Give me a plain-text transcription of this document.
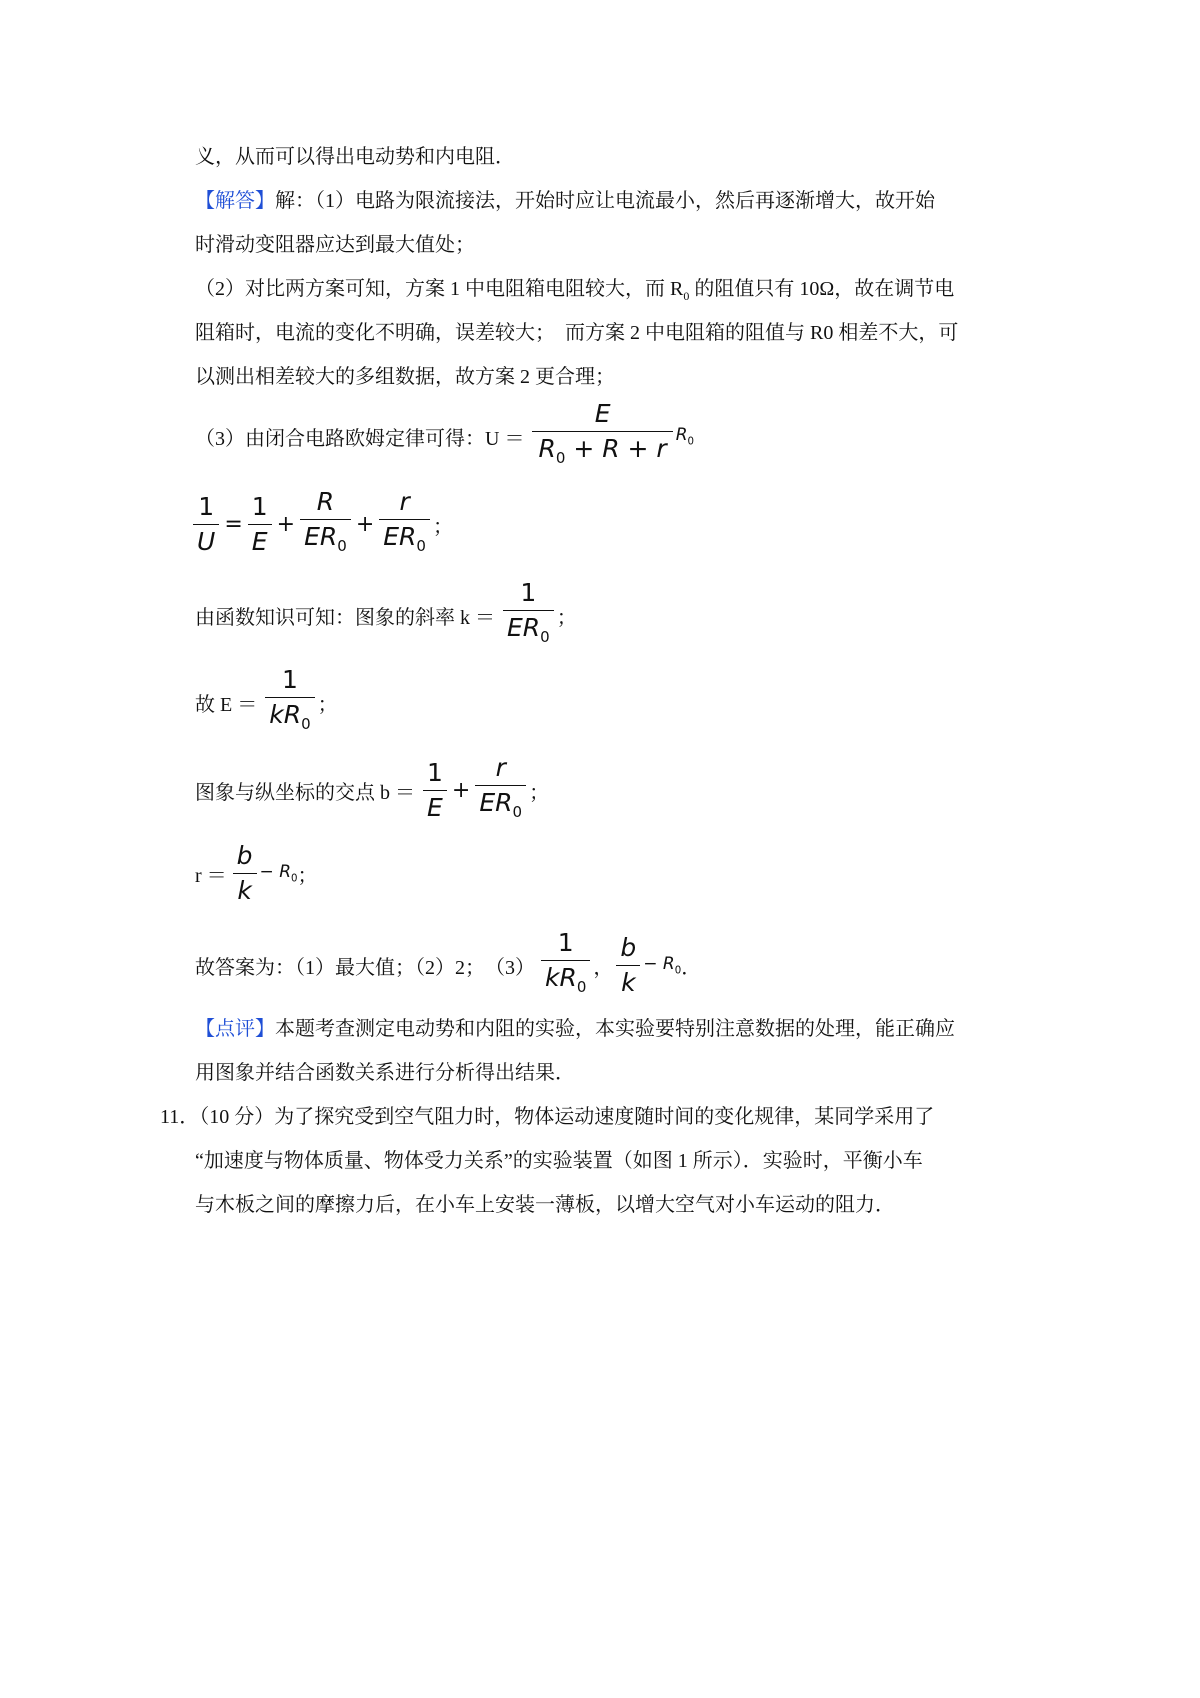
义，从而可以得出电动势和内电阻．
【解答】解：（1）电路为限流接法，开始时应让电流最小，然后再逐渐增大，故开始
时滑动变阻器应达到最大值处；
（2）对比两方案可知，方案 1 中电阻箱电阻较大，而 $R_0$ 的阻值只有 10Ω，故在调节电
阻箱时，电流的变化不明确，误差较大；　而方案 2 中电阻箱的阻值与 R0 相差不大，可
以测出相差较大的多组数据，故方案 2 更合理；
（3）由闭合电路欧姆定律可得：$U = \frac{E}{R_0 + R + r} R_0$
$\frac{1}{U} = \frac{1}{E} + \frac{R}{ER_0} + \frac{r}{ER_0}$ ；
由函数知识可知：图象的斜率 $k = \frac{1}{ER_0}$ ；
故 $E = \frac{1}{kR_0}$ ；
图象与纵坐标的交点 $b = \frac{1}{E} + \frac{r}{ER_0}$ ；
$r = \frac{b}{k} - R_0$ ；
故答案为：（1）最大值；（2）2；　$(3) \frac{1}{kR_0}$ ， $\frac{b}{k} - R_0$ ．
【点评】本题考查测定电动势和内阻的实验，本实验要特别注意数据的处理，能正确应
用图象并结合函数关系进行分析得出结果．
11．（10 分）为了探究受到空气阻力时，物体运动速度随时间的变化规律，某同学采用了
“加速度与物体质量、物体受力关系”的实验装置（如图 1 所示）．实验时，平衡小车
与木板之间的摩擦力后，在小车上安装一薄板，以增大空气对小车运动的阻力．
